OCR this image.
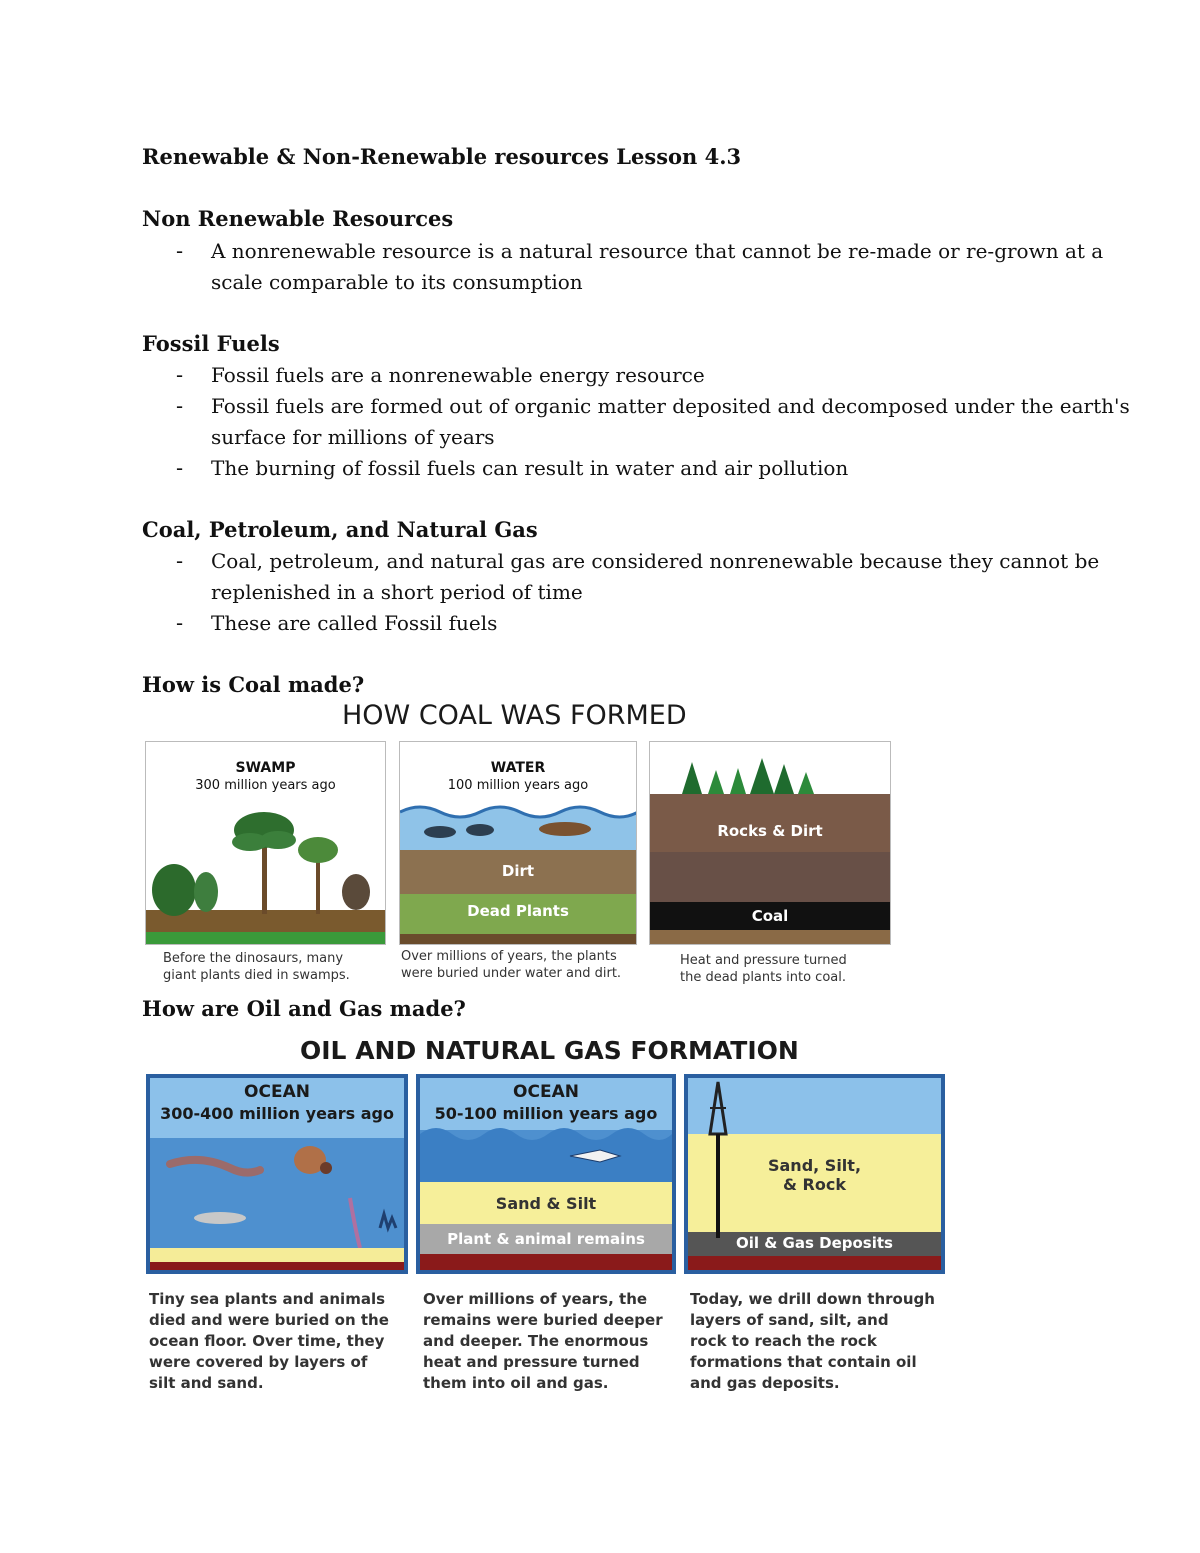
Renewable & Non-Renewable resources Lesson 4.3
Non Renewable Resources
- A nonrenewable resource is a natural resource that cannot be re-made or re-grown at a
scale comparable to its consumption
Fossil Fuels
- Fossil fuels are a nonrenewable energy resource
- Fossil fuels are formed out of organic matter deposited and decomposed under the earth's
surface for millions of years
- The burning of fossil fuels can result in water and air pollution
Coal, Petroleum, and Natural Gas
- Coal, petroleum, and natural gas are considered nonrenewable because they cannot be
replenished in a short period of time
- These are called Fossil fuels
How is Coal made?
HOW COAL WAS FORMED
SWAMP
300 million years ago
Before the dinosaurs, many
giant plants died in swamps.
WATER
100 million years ago
Dirt
Dead Plants
Over millions of years, the plants
were buried under water and dirt.
Rocks & Dirt
Coal
Heat and pressure turned
the dead plants into coal.
How are Oil and Gas made?
OIL AND NATURAL GAS FORMATION
OCEAN
300-400 million years ago
Tiny sea plants and animals
died and were buried on the
ocean floor. Over time, they
were covered by layers of
silt and sand.
OCEAN
50-100 million years ago
Sand & Silt
Plant & animal remains
Over millions of years, the
remains were buried deeper
and deeper. The enormous
heat and pressure turned
them into oil and gas.
Sand, Silt,
& Rock
Oil & Gas Deposits
Today, we drill down through
layers of sand, silt, and
rock to reach the rock
formations that contain oil
and gas deposits.
